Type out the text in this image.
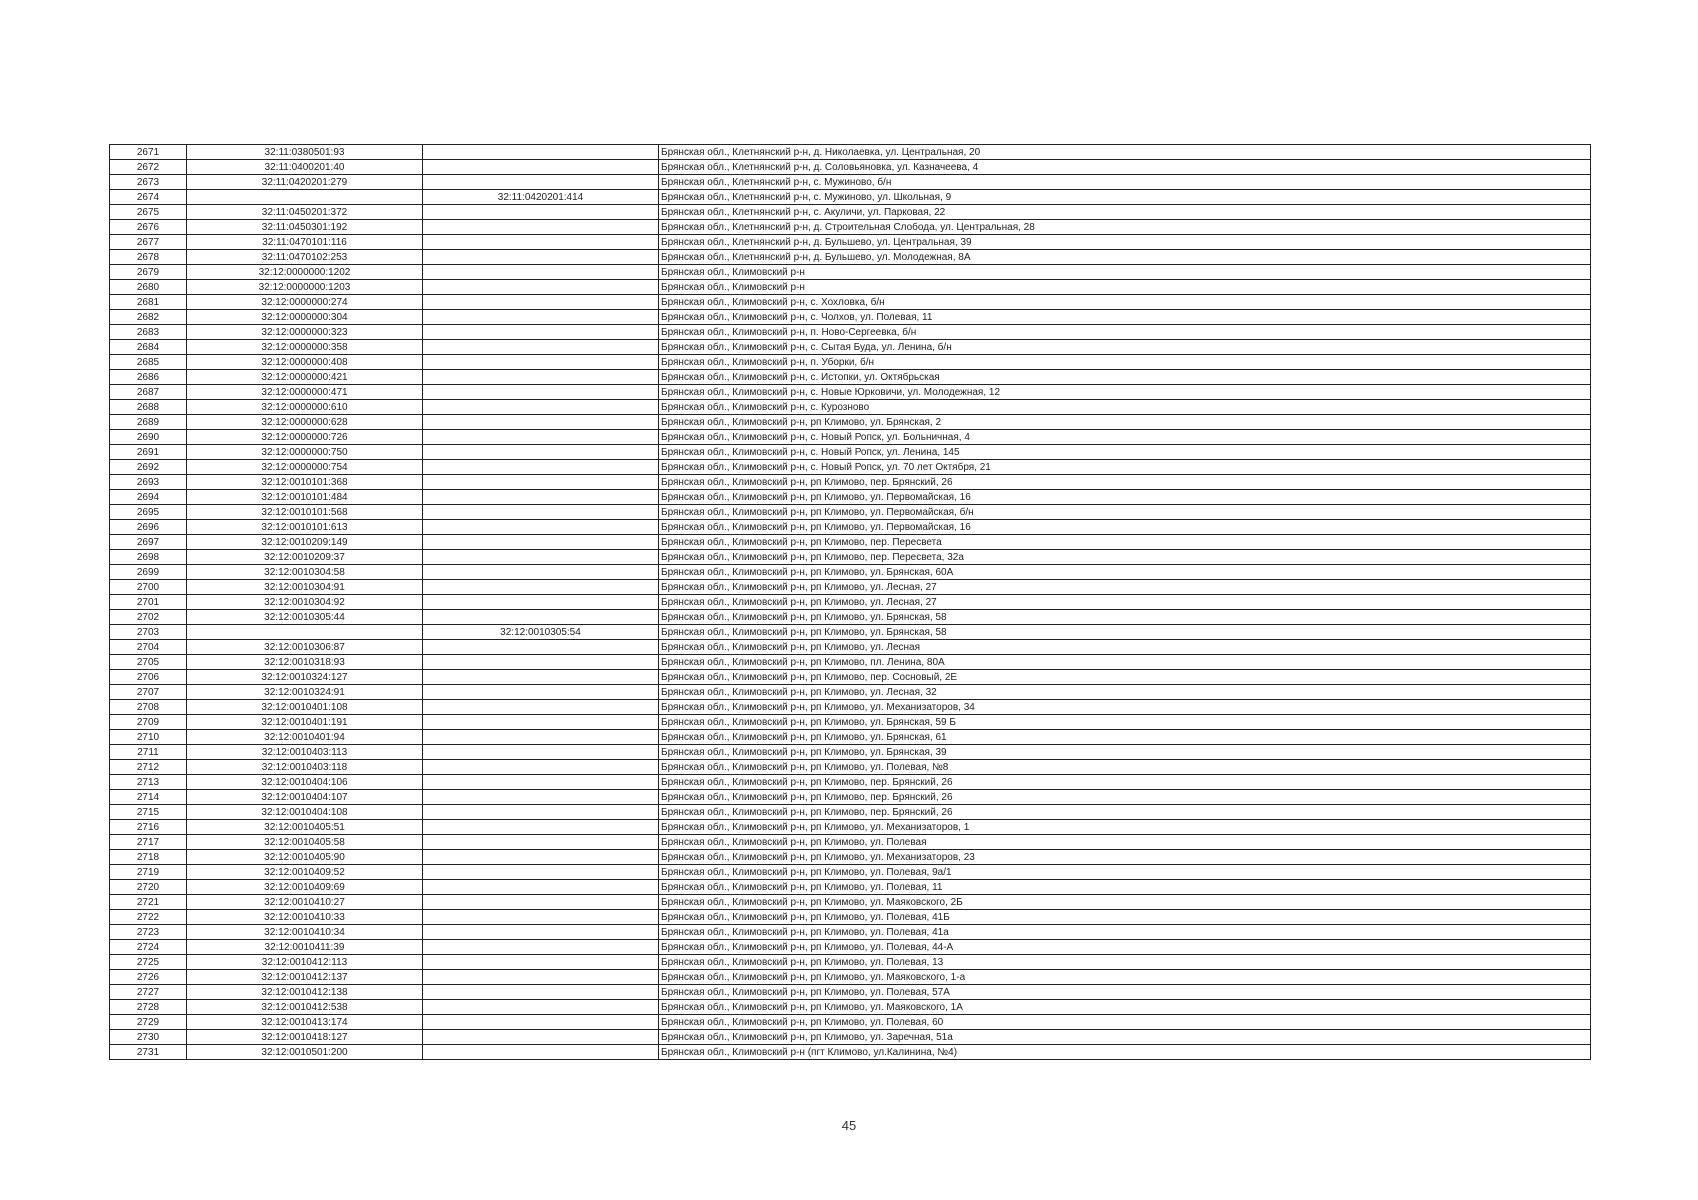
2671	32:11:0380501:93		Брянская обл., Клетнянский р-н, д. Николаевка, ул. Центральная, 20
2672	32:11:0400201:40		Брянская обл., Клетнянский р-н, д. Соловьяновка, ул. Казначеева, 4
2673	32:11:0420201:279		Брянская обл., Клетнянский р-н, с. Мужиново, б/н
2674		32:11:0420201:414	Брянская обл., Клетнянский р-н, с. Мужиново, ул. Школьная, 9
2675	32:11:0450201:372		Брянская обл., Клетнянский р-н, с. Акуличи, ул. Парковая, 22
2676	32:11:0450301:192		Брянская обл., Клетнянский р-н, д. Строительная Слобода, ул. Центральная, 28
2677	32:11:0470101:116		Брянская обл., Клетнянский р-н, д. Бульшево, ул. Центральная, 39
2678	32:11:0470102:253		Брянская обл., Клетнянский р-н, д. Бульшево, ул. Молодежная, 8А
2679	32:12:0000000:1202		Брянская обл., Климовский р-н
2680	32:12:0000000:1203		Брянская обл., Климовский р-н
2681	32:12:0000000:274		Брянская обл., Климовский р-н, с. Хохловка, б/н
2682	32:12:0000000:304		Брянская обл., Климовский р-н, с. Чолхов, ул. Полевая, 11
2683	32:12:0000000:323		Брянская обл., Климовский р-н, п. Ново-Сергеевка, б/н
2684	32:12:0000000:358		Брянская обл., Климовский р-н, с. Сытая Буда, ул. Ленина, б/н
2685	32:12:0000000:408		Брянская обл., Климовский р-н, п. Уборки, б/н
2686	32:12:0000000:421		Брянская обл., Климовский р-н, с. Истопки, ул. Октябрьская
2687	32:12:0000000:471		Брянская обл., Климовский р-н, с. Новые Юрковичи, ул. Молодежная, 12
2688	32:12:0000000:610		Брянская обл., Климовский р-н, с. Курозново
2689	32:12:0000000:628		Брянская обл., Климовский р-н, рп Климово, ул. Брянская, 2
2690	32:12:0000000:726		Брянская обл., Климовский р-н, с. Новый Ропск, ул. Больничная, 4
2691	32:12:0000000:750		Брянская обл., Климовский р-н, с. Новый Ропск, ул. Ленина, 145
2692	32:12:0000000:754		Брянская обл., Климовский р-н, с. Новый Ропск, ул. 70 лет Октября, 21
2693	32:12:0010101:368		Брянская обл., Климовский р-н, рп Климово, пер. Брянский, 26
2694	32:12:0010101:484		Брянская обл., Климовский р-н, рп Климово, ул. Первомайская, 16
2695	32:12:0010101:568		Брянская обл., Климовский р-н, рп Климово, ул. Первомайская, б/н
2696	32:12:0010101:613		Брянская обл., Климовский р-н, рп Климово, ул. Первомайская, 16
2697	32:12:0010209:149		Брянская обл., Климовский р-н, рп Климово, пер. Пересвета
2698	32:12:0010209:37		Брянская обл., Климовский р-н, рп Климово, пер. Пересвета, 32а
2699	32:12:0010304:58		Брянская обл., Климовский р-н, рп Климово, ул. Брянская, 60А
2700	32:12:0010304:91		Брянская обл., Климовский р-н, рп Климово, ул. Лесная, 27
2701	32:12:0010304:92		Брянская обл., Климовский р-н, рп Климово, ул. Лесная, 27
2702	32:12:0010305:44		Брянская обл., Климовский р-н, рп Климово, ул. Брянская, 58
2703		32:12:0010305:54	Брянская обл., Климовский р-н, рп Климово, ул. Брянская, 58
2704	32:12:0010306:87		Брянская обл., Климовский р-н, рп Климово, ул. Лесная
2705	32:12:0010318:93		Брянская обл., Климовский р-н, рп Климово, пл. Ленина, 80А
2706	32:12:0010324:127		Брянская обл., Климовский р-н, рп Климово, пер. Сосновый, 2Е
2707	32:12:0010324:91		Брянская обл., Климовский р-н, рп Климово, ул. Лесная, 32
2708	32:12:0010401:108		Брянская обл., Климовский р-н, рп Климово, ул. Механизаторов, 34
2709	32:12:0010401:191		Брянская обл., Климовский р-н, рп Климово, ул. Брянская, 59 Б
2710	32:12:0010401:94		Брянская обл., Климовский р-н, рп Климово, ул. Брянская, 61
2711	32:12:0010403:113		Брянская обл., Климовский р-н, рп Климово, ул. Брянская, 39
2712	32:12:0010403:118		Брянская обл., Климовский р-н, рп Климово, ул. Полевая, №8
2713	32:12:0010404:106		Брянская обл., Климовский р-н, рп Климово, пер. Брянский, 26
2714	32:12:0010404:107		Брянская обл., Климовский р-н, рп Климово, пер. Брянский, 26
2715	32:12:0010404:108		Брянская обл., Климовский р-н, рп Климово, пер. Брянский, 26
2716	32:12:0010405:51		Брянская обл., Климовский р-н, рп Климово, ул. Механизаторов, 1
2717	32:12:0010405:58		Брянская обл., Климовский р-н, рп Климово, ул. Полевая
2718	32:12:0010405:90		Брянская обл., Климовский р-н, рп Климово, ул. Механизаторов, 23
2719	32:12:0010409:52		Брянская обл., Климовский р-н, рп Климово, ул. Полевая, 9а/1
2720	32:12:0010409:69		Брянская обл., Климовский р-н, рп Климово, ул. Полевая, 11
2721	32:12:0010410:27		Брянская обл., Климовский р-н, рп Климово, ул. Маяковского, 2Б
2722	32:12:0010410:33		Брянская обл., Климовский р-н, рп Климово, ул. Полевая, 41Б
2723	32:12:0010410:34		Брянская обл., Климовский р-н, рп Климово, ул. Полевая, 41а
2724	32:12:0010411:39		Брянская обл., Климовский р-н, рп Климово, ул. Полевая, 44-А
2725	32:12:0010412:113		Брянская обл., Климовский р-н, рп Климово, ул. Полевая, 13
2726	32:12:0010412:137		Брянская обл., Климовский р-н, рп Климово, ул. Маяковского, 1-а
2727	32:12:0010412:138		Брянская обл., Климовский р-н, рп Климово, ул. Полевая, 57А
2728	32:12:0010412:538		Брянская обл., Климовский р-н, рп Климово, ул. Маяковского, 1А
2729	32:12:0010413:174		Брянская обл., Климовский р-н, рп Климово, ул. Полевая, 60
2730	32:12:0010418:127		Брянская обл., Климовский р-н, рп Климово, ул. Заречная, 51а
2731	32:12:0010501:200		Брянская обл., Климовский р-н (пгт Климово, ул.Калинина, №4)
45
